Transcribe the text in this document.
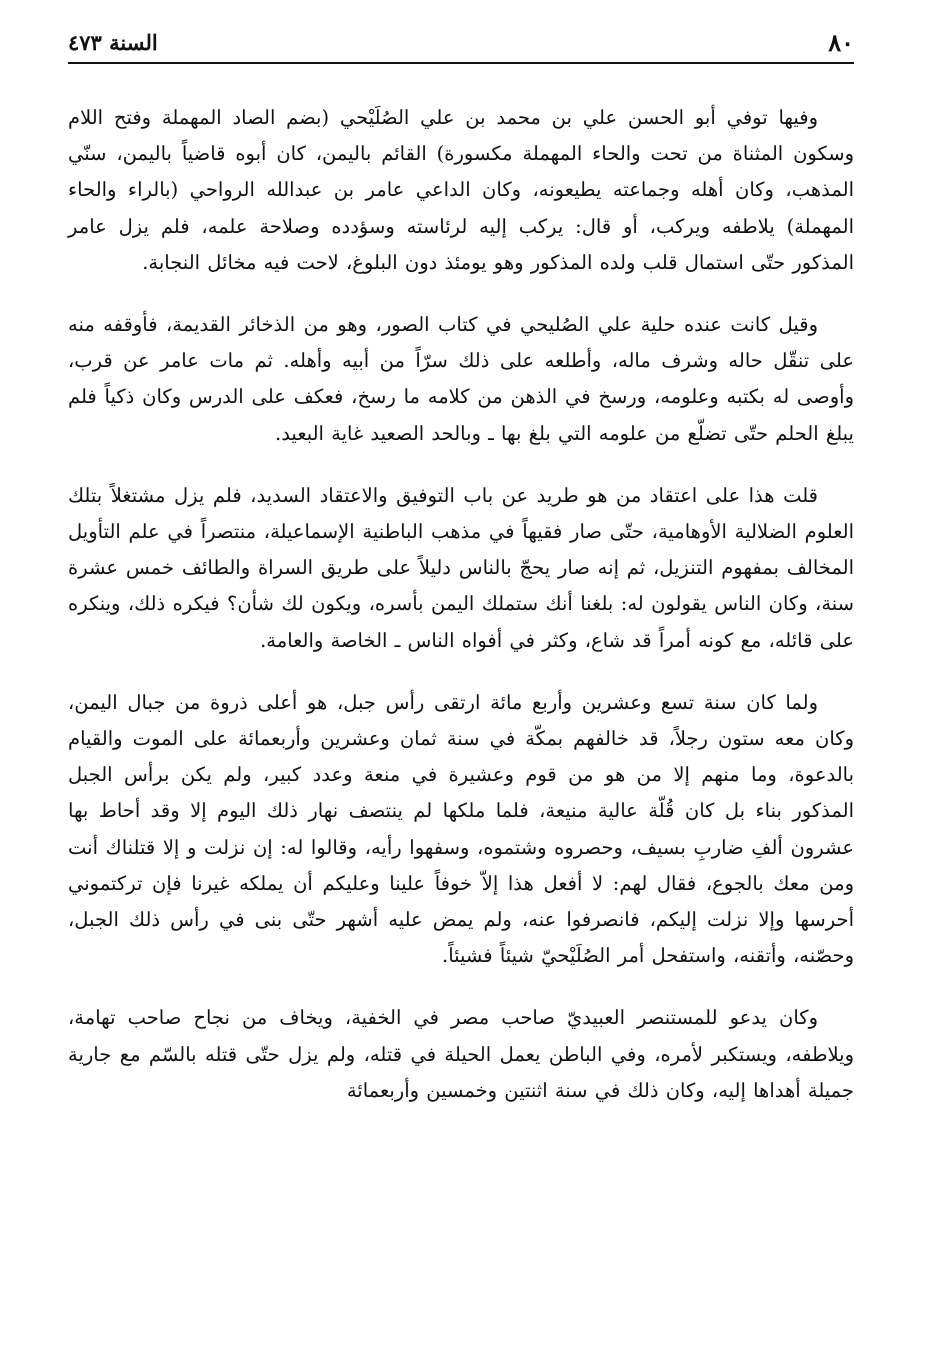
٨٠
السنة ٤٧٣

وفيها توفي أبو الحسن علي بن محمد بن علي الصُلَيْحي (بضم الصاد المهملة وفتح اللام وسكون المثناة من تحت والحاء المهملة مكسورة) القائم باليمن، كان أبوه قاضياً باليمن، سنّي المذهب، وكان أهله وجماعته يطيعونه، وكان الداعي عامر بن عبدالله الرواحي (بالراء والحاء المهملة) يلاطفه ويركب، أو قال: يركب إليه لرئاسته وسؤدده وصلاحة علمه، فلم يزل عامر المذكور حتّى استمال قلب ولده المذكور وهو يومئذ دون البلوغ، لاحت فيه مخائل النجابة.

وقيل كانت عنده حلية علي الصُليحي في كتاب الصور، وهو من الذخائر القديمة، فأوقفه منه على تنقّل حاله وشرف ماله، وأطلعه على ذلك سرّاً من أبيه وأهله. ثم مات عامر عن قرب، وأوصى له بكتبه وعلومه، ورسخ في الذهن من كلامه ما رسخ، فعكف على الدرس وكان ذكياً فلم يبلغ الحلم حتّى تضلّع من علومه التي بلغ بها ـ وبالحد الصعيد غاية البعيد.

قلت هذا على اعتقاد من هو طريد عن باب التوفيق والاعتقاد السديد، فلم يزل مشتغلاً بتلك العلوم الضلالية الأوهامية، حتّى صار فقيهاً في مذهب الباطنية الإسماعيلة، منتصراً في علم التأويل المخالف بمفهوم التنزيل، ثم إنه صار يحجّ بالناس دليلاً على طريق السراة والطائف خمس عشرة سنة، وكان الناس يقولون له: بلغنا أنك ستملك اليمن بأسره، ويكون لك شأن؟ فيكره ذلك، وينكره على قائله، مع كونه أمراً قد شاع، وكثر في أفواه الناس ـ الخاصة والعامة.

ولما كان سنة تسع وعشرين وأربع مائة ارتقى رأس جبل، هو أعلى ذروة من جبال اليمن، وكان معه ستون رجلاً، قد خالفهم بمكّة في سنة ثمان وعشرين وأربعمائة على الموت والقيام بالدعوة، وما منهم إلا من هو من قوم وعشيرة في منعة وعدد كبير، ولم يكن برأس الجبل المذكور بناء بل كان قُلّة عالية منيعة، فلما ملكها لم ينتصف نهار ذلك اليوم إلا وقد أحاط بها عشرون ألفِ ضاربِ بسيف، وحصروه وشتموه، وسفهوا رأيه، وقالوا له: إن نزلت و إلا قتلناك أنت ومن معك بالجوع، فقال لهم: لا أفعل هذا إلاّ خوفاً علينا وعليكم أن يملكه غيرنا فإن تركتموني أحرسها وإلا نزلت إليكم، فانصرفوا عنه، ولم يمض عليه أشهر حتّى بنى في رأس ذلك الجبل، وحصّنه، وأتقنه، واستفحل أمر الصُلَيْحيّ شيئاً فشيئاً.

وكان يدعو للمستنصر العبيديّ صاحب مصر في الخفية، ويخاف من نجاح صاحب تهامة، ويلاطفه، ويستكبر لأمره، وفي الباطن يعمل الحيلة في قتله، ولم يزل حتّى قتله بالسّم مع جارية جميلة أهداها إليه، وكان ذلك في سنة اثنتين وخمسين وأربعمائة
